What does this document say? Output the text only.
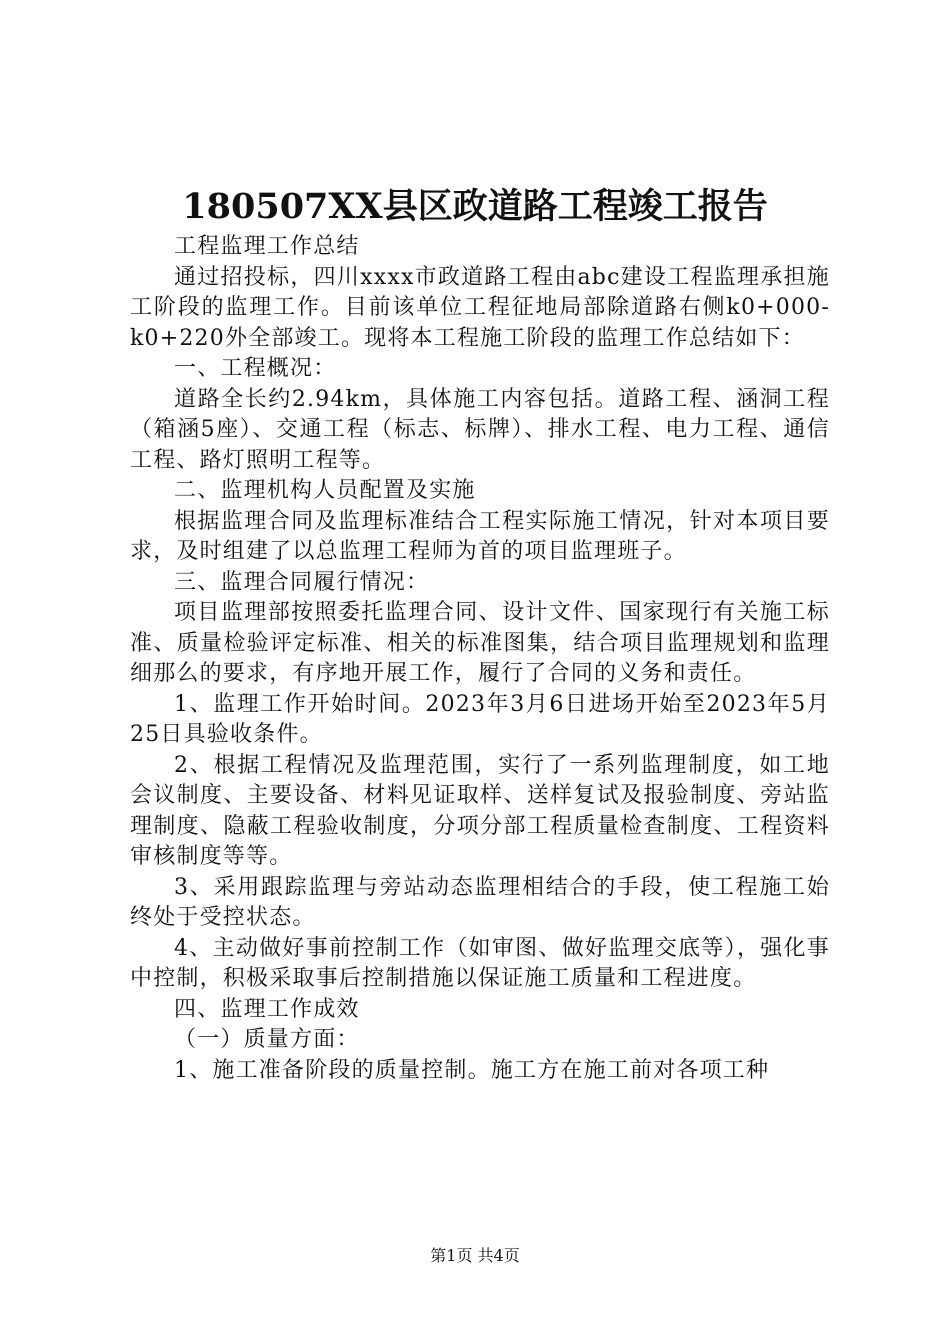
180507XX县区政道路工程竣工报告

工程监理工作总结

通过招投标，四川xxxx市政道路工程由abc建设工程监理承担施工阶段的监理工作。目前该单位工程征地局部除道路右侧k0+000-k0+220外全部竣工。现将本工程施工阶段的监理工作总结如下：

一、工程概况：

道路全长约2.94km，具体施工内容包括。道路工程、涵洞工程（箱涵5座）、交通工程（标志、标牌）、排水工程、电力工程、通信工程、路灯照明工程等。

二、监理机构人员配置及实施

根据监理合同及监理标准结合工程实际施工情况，针对本项目要求，及时组建了以总监理工程师为首的项目监理班子。

三、监理合同履行情况：

项目监理部按照委托监理合同、设计文件、国家现行有关施工标准、质量检验评定标准、相关的标准图集，结合项目监理规划和监理细那么的要求，有序地开展工作，履行了合同的义务和责任。

1、监理工作开始时间。2023年3月6日进场开始至2023年5月25日具验收条件。

2、根据工程情况及监理范围，实行了一系列监理制度，如工地会议制度、主要设备、材料见证取样、送样复试及报验制度、旁站监理制度、隐蔽工程验收制度，分项分部工程质量检查制度、工程资料审核制度等等。

3、采用跟踪监理与旁站动态监理相结合的手段，使工程施工始终处于受控状态。

4、主动做好事前控制工作（如审图、做好监理交底等），强化事中控制，积极采取事后控制措施以保证施工质量和工程进度。

四、监理工作成效

（一）质量方面：

1、施工准备阶段的质量控制。施工方在施工前对各项工种

第1页 共4页
